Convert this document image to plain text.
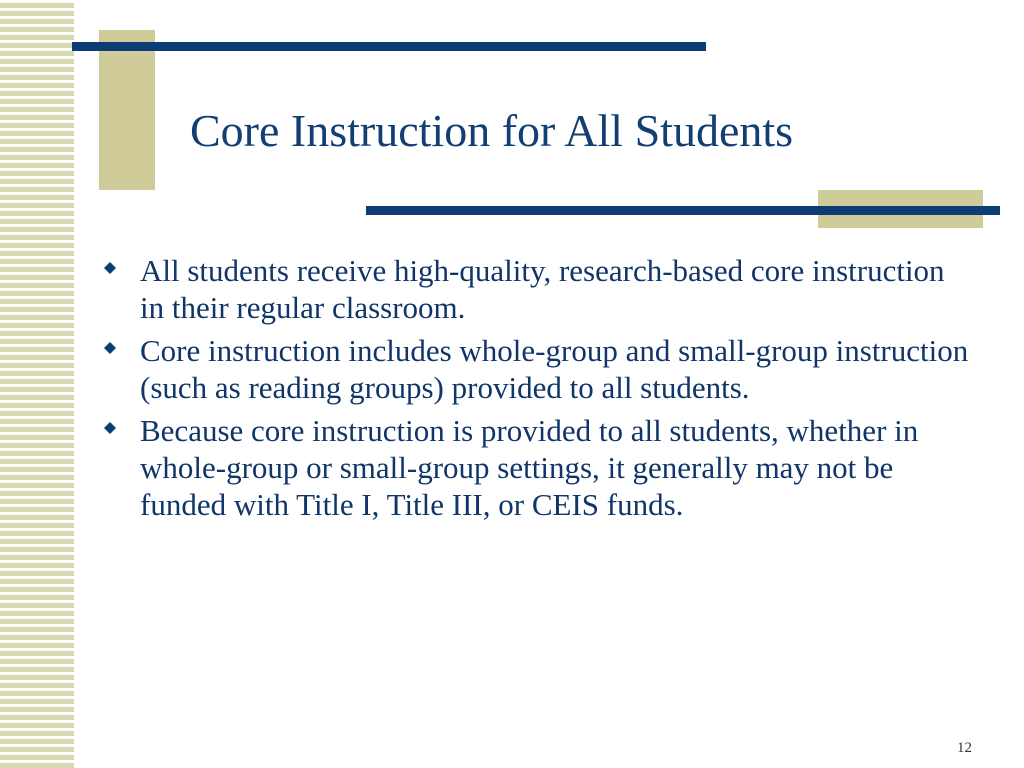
Core Instruction for All Students
All students receive high-quality, research-based core instruction in their regular classroom.
Core instruction includes whole-group and small-group instruction (such as reading groups) provided to all students.
Because core instruction is provided to all students, whether in whole-group or small-group settings, it generally may not be funded with Title I, Title III, or CEIS funds.
12
